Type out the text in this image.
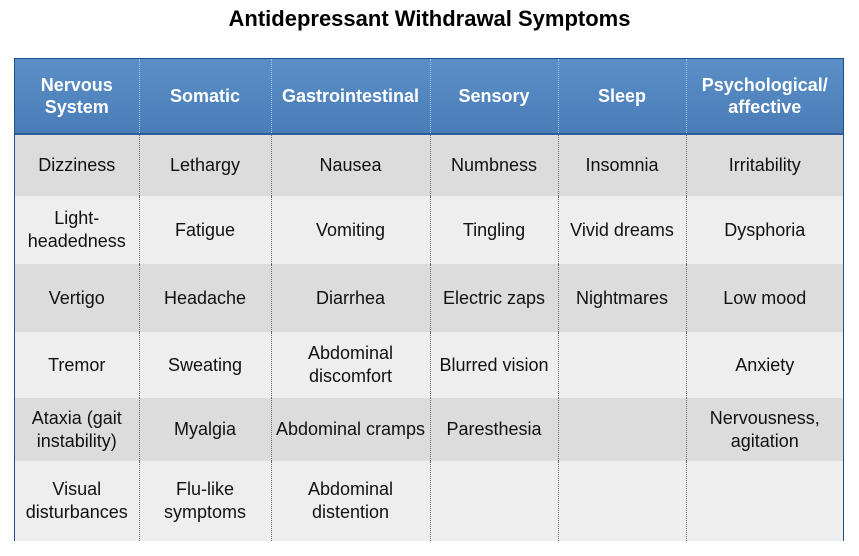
Antidepressant Withdrawal Symptoms
Nervous System	Somatic	Gastrointestinal	Sensory	Sleep	Psychological/ affective
Dizziness	Lethargy	Nausea	Numbness	Insomnia	Irritability
Light-headedness	Fatigue	Vomiting	Tingling	Vivid dreams	Dysphoria
Vertigo	Headache	Diarrhea	Electric zaps	Nightmares	Low mood
Tremor	Sweating	Abdominal discomfort	Blurred vision		Anxiety
Ataxia (gait instability)	Myalgia	Abdominal cramps	Paresthesia		Nervousness, agitation
Visual disturbances	Flu-like symptoms	Abdominal distention			
